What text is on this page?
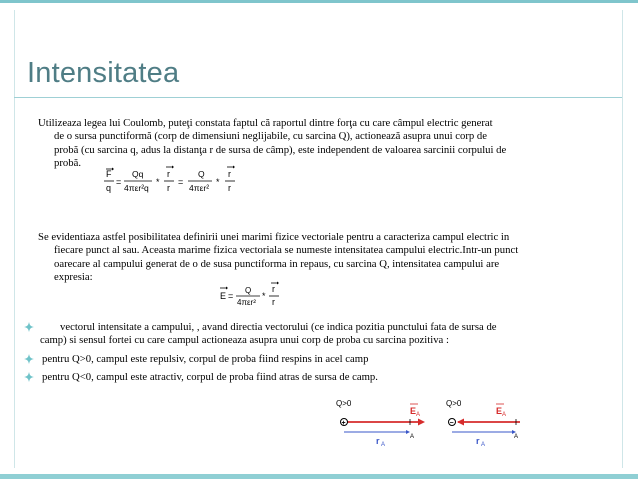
Intensitatea
Utilizeaza legea lui Coulomb, puteţi constata faptul că raportul dintre forţa cu care câmpul electric generat
de o sursa punctiformă (corp de dimensiuni neglijabile, cu sarcina Q), actionează asupra unui corp de
probă (cu sarcina q, adus la distanţa r de sursa de câmp), este independent de valoarea sarcinii corpului de
probă.
F
q
=
Qq
4πεr²q
*
r
r
=
Q
4πεr²
*
r
r
Se evidentiaza astfel posibilitatea definirii unei marimi fizice vectoriale pentru a caracteriza campul electric in
fiecare punct al sau. Aceasta marime fizica vectoriala se numeste intensitatea campului electric.Intr-un punct
oarecare al campului generat de o de susa punctiforma in repaus, cu sarcina Q, intensitatea campului are
expresia:
E =
Q
4πεr²
*
r
r
vectorul intensitate a campului, , avand directia vectorului (ce indica pozitia punctului fata de sursa de
camp) si sensul fortei cu care campul actioneaza asupra unui corp de proba cu sarcina pozitiva :
pentru Q>0, campul este repulsiv, corpul de proba fiind respins in acel camp
pentru Q<0, campul este atractiv, corpul de proba fiind atras de sursa de camp.
Q>0
+
r A
E A
A
Q>0
−
r A
E A
A
